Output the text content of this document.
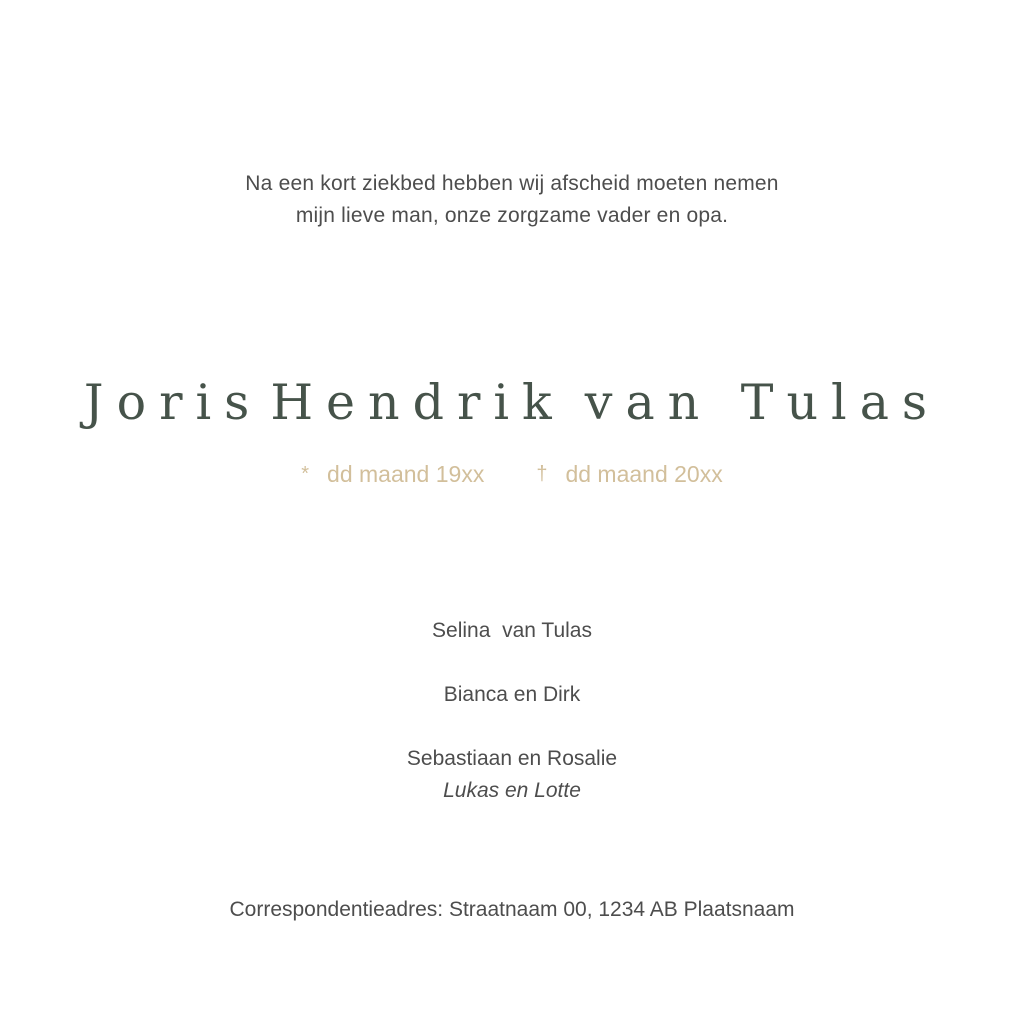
Na een kort ziekbed hebben wij afscheid moeten nemen
mijn lieve man, onze zorgzame vader en opa.
Joris Hendrik van Tulas
* dd maand 19xx	† dd maand 20xx
Selina  van Tulas
Bianca en Dirk
Sebastiaan en Rosalie
Lukas en Lotte
Correspondentieadres: Straatnaam 00, 1234 AB Plaatsnaam
